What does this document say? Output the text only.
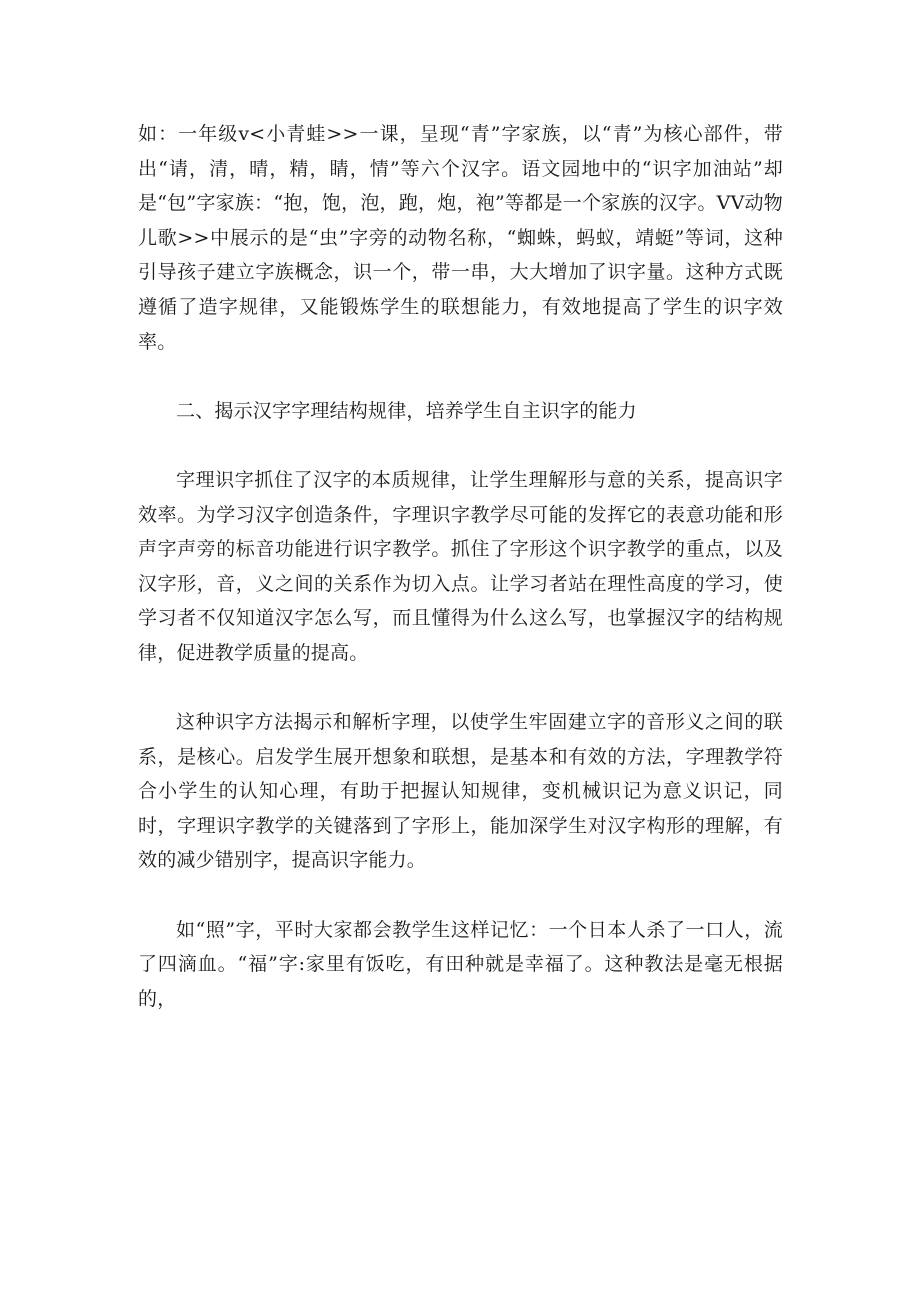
如：一年级v<小青蛙>>一课，呈现“青”字家族，以“青”为核心部件，带出“请，清，晴，精，睛，情”等六个汉字。语文园地中的“识字加油站”却是“包”字家族：“抱，饱，泡，跑，炮，袍”等都是一个家族的汉字。VV动物儿歌>>中展示的是“虫”字旁的动物名称，“蜘蛛，蚂蚁，靖蜓”等词，这种引导孩子建立字族概念，识一个，带一串，大大增加了识字量。这种方式既遵循了造字规律，又能锻炼学生的联想能力，有效地提高了学生的识字效率。

二、揭示汉字字理结构规律，培养学生自主识字的能力

字理识字抓住了汉字的本质规律，让学生理解形与意的关系，提高识字效率。为学习汉字创造条件，字理识字教学尽可能的发挥它的表意功能和形声字声旁的标音功能进行识字教学。抓住了字形这个识字教学的重点，以及汉字形，音，义之间的关系作为切入点。让学习者站在理性高度的学习，使学习者不仅知道汉字怎么写，而且懂得为什么这么写，也掌握汉字的结构规律，促进教学质量的提高。

这种识字方法揭示和解析字理，以使学生牢固建立字的音形义之间的联系，是核心。启发学生展开想象和联想，是基本和有效的方法，字理教学符合小学生的认知心理，有助于把握认知规律，变机械识记为意义识记，同时，字理识字教学的关键落到了字形上，能加深学生对汉字构形的理解，有效的减少错别字，提高识字能力。

如“照”字，平时大家都会教学生这样记忆：一个日本人杀了一口人，流了四滴血。“福”字:家里有饭吃，有田种就是幸福了。这种教法是毫无根据的，
